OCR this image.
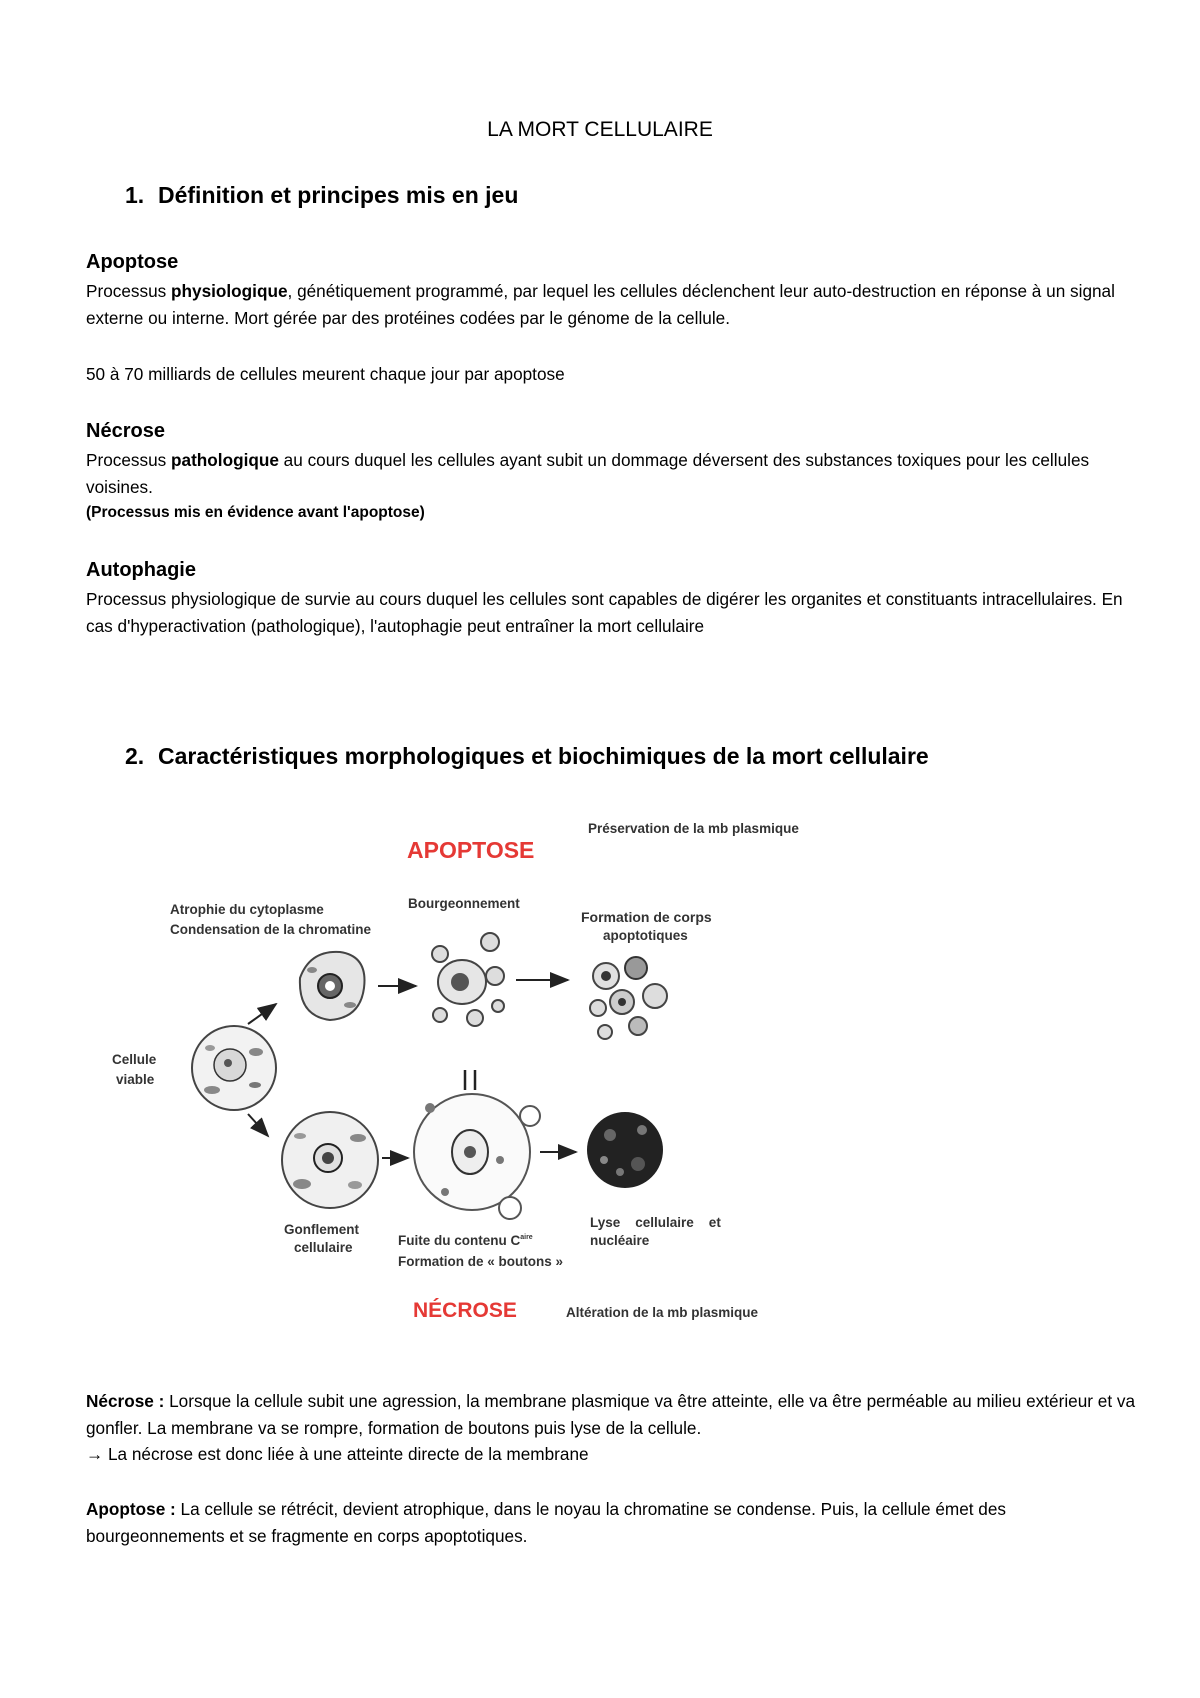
LA MORT CELLULAIRE
1. Définition et principes mis en jeu
Apoptose
Processus physiologique, génétiquement programmé, par lequel les cellules déclenchent leur auto-destruction en réponse à un signal externe ou interne. Mort gérée par des protéines codées par le génome de la cellule.
50 à 70 milliards de cellules meurent chaque jour par apoptose
Nécrose
Processus pathologique au cours duquel les cellules ayant subit un dommage déversent des substances toxiques pour les cellules voisines.
(Processus mis en évidence avant l'apoptose)
Autophagie
Processus physiologique de survie au cours duquel les cellules sont capables de digérer les organites et constituants intracellulaires. En cas d'hyperactivation (pathologique), l'autophagie peut entraîner la mort cellulaire
2. Caractéristiques morphologiques et biochimiques de la mort cellulaire
APOPTOSE
NÉCROSE
Préservation de la mb plasmique
Atrophie du cytoplasme
Condensation de la chromatine
Bourgeonnement
Formation de corps
apoptotiques
Cellule
viable
Gonflement
cellulaire	Fuite du contenu $C^{aire}$
Formation de « boutons »
Lyse    cellulaire    et
nucléaire
Altération de la mb plasmique
Nécrose : Lorsque la cellule subit une agression, la membrane plasmique va être atteinte, elle va être perméable au milieu extérieur et va gonfler. La membrane va se rompre, formation de boutons puis lyse de la cellule.
→ La nécrose est donc liée à une atteinte directe de la membrane
Apoptose : La cellule se rétrécit, devient atrophique, dans le noyau la chromatine se condense. Puis, la cellule émet des bourgeonnements et se fragmente en corps apoptotiques.
